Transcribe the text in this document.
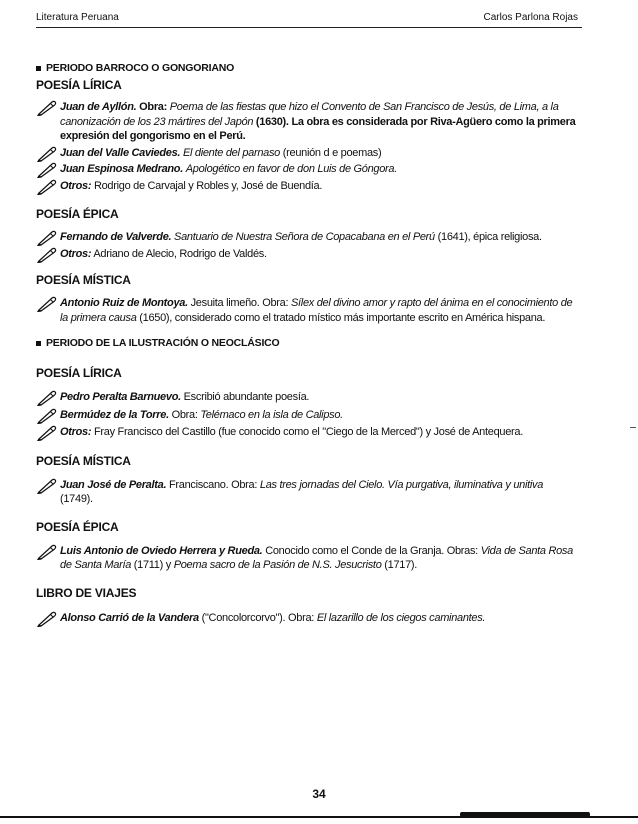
Literatura Peruana	Carlos Parlona Rojas
PERIODO BARROCO O GONGORIANO
POESÍA LÍRICA
Juan de Ayllón. Obra: Poema de las fiestas que hizo el Convento de San Francisco de Jesús, de Lima, a la canonización de los 23 mártires del Japón (1630). La obra es considerada por Riva-Agüero como la primera expresión del gongorismo en el Perú.
Juan del Valle Caviedes. El diente del parnaso (reunión d e poemas)
Juan Espinosa Medrano. Apologético en favor de don Luis de Góngora.
Otros: Rodrigo de Carvajal y Robles y, José de Buendía.
POESÍA ÉPICA
Fernando de Valverde. Santuario de Nuestra Señora de Copacabana en el Perú (1641), épica religiosa.
Otros: Adriano de Alecio, Rodrigo de Valdés.
POESÍA MÍSTICA
Antonio Ruiz de Montoya. Jesuita limeño. Obra: Sílex del divino amor y rapto del ánima en el conocimiento de la primera causa (1650), considerado como el tratado místico más importante escrito en América hispana.
PERIODO DE LA ILUSTRACIÓN O NEOCLÁSICO
POESÍA LÍRICA
Pedro Peralta Barnuevo. Escribió abundante poesía.
Bermúdez de la Torre. Obra: Telémaco en la isla de Calipso.
Otros: Fray Francisco del Castillo (fue conocido como el "Ciego de la Merced") y José de Antequera.
POESÍA MÍSTICA
Juan José de Peralta. Franciscano. Obra: Las tres jornadas del Cielo. Vía purgativa, iluminativa y unitiva (1749).
POESÍA ÉPICA
Luis Antonio de Oviedo Herrera y Rueda. Conocido como el Conde de la Granja. Obras: Vida de Santa Rosa de Santa María (1711) y Poema sacro de la Pasión de N.S. Jesucristo (1717).
LIBRO DE VIAJES
Alonso Carrió de la Vandera ("Concolorcorvo"). Obra: El lazarillo de los ciegos caminantes.
34
